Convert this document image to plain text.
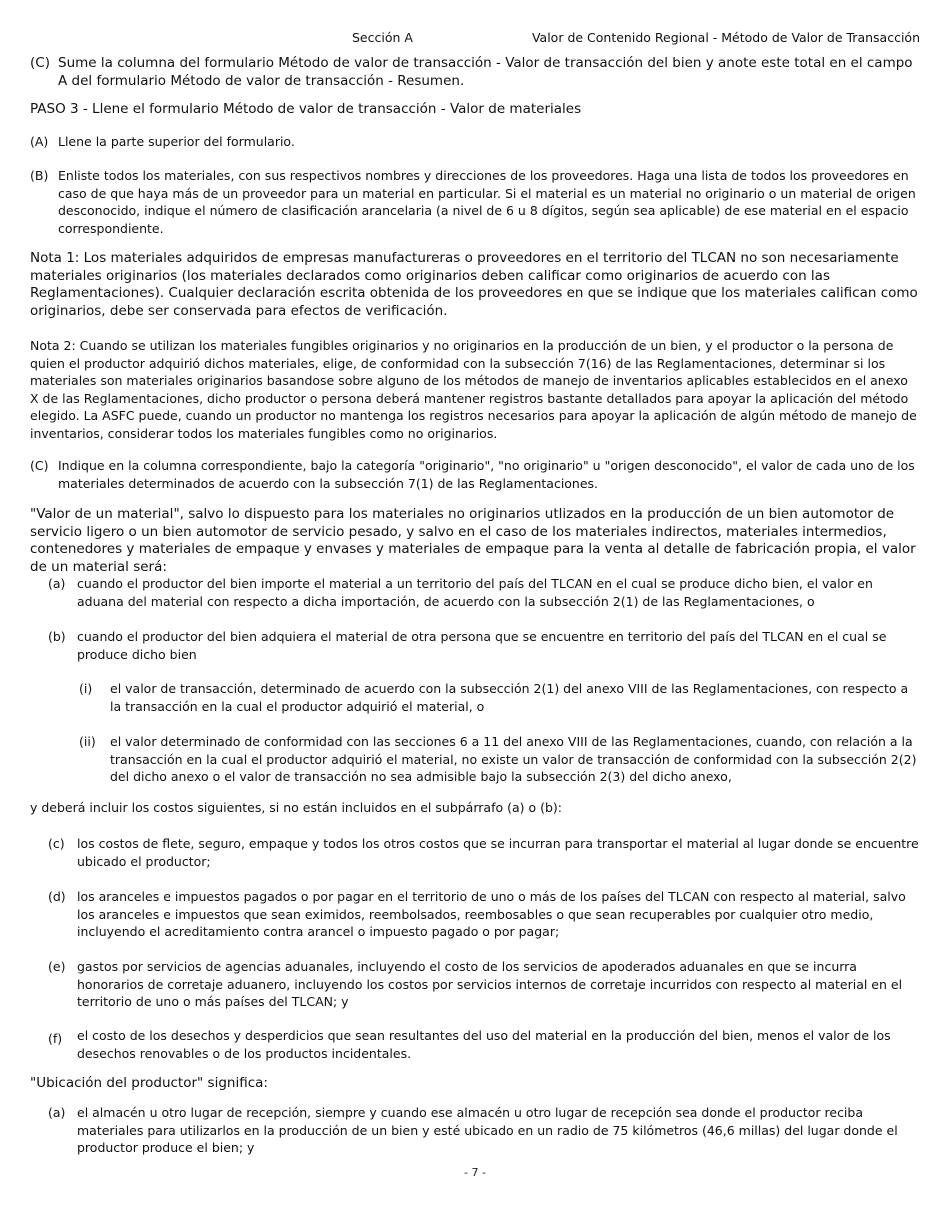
Sección A	Valor de Contenido Regional - Método de Valor de Transacción
(C) Sume la columna del formulario Método de valor de transacción - Valor de transacción del bien y anote este total en el campo A del formulario Método de valor de transacción - Resumen.
PASO 3 - Llene el formulario Método de valor de transacción - Valor de materiales
(A) Llene la parte superior del formulario.
(B) Enliste todos los materiales, con sus respectivos nombres y direcciones de los proveedores. Haga una lista de todos los proveedores en caso de que haya más de un proveedor para un material en particular. Si el material es un material no originario o un material de origen desconocido, indique el número de clasificación arancelaria (a nivel de 6 u 8 dígitos, según sea aplicable) de ese material en el espacio correspondiente.
Nota 1: Los materiales adquiridos de empresas manufactureras o proveedores en el territorio del TLCAN no son necesariamente materiales originarios (los materiales declarados como originarios deben calificar como originarios de acuerdo con las Reglamentaciones). Cualquier declaración escrita obtenida de los proveedores en que se indique que los materiales califican como originarios, debe ser conservada para efectos de verificación.
Nota 2: Cuando se utilizan los materiales fungibles originarios y no originarios en la producción de un bien, y el productor o la persona de quien el productor adquirió dichos materiales, elige, de conformidad con la subsección 7(16) de las Reglamentaciones, determinar si los materiales son materiales originarios basandose sobre alguno de los métodos de manejo de inventarios aplicables establecidos en el anexo X de las Reglamentaciones, dicho productor o persona deberá mantener registros bastante detallados para apoyar la aplicación del método elegido. La ASFC puede, cuando un productor no mantenga los registros necesarios para apoyar la aplicación de algún método de manejo de inventarios, considerar todos los materiales fungibles como no originarios.
(C) Indique en la columna correspondiente, bajo la categoría "originario", "no originario" u "origen desconocido", el valor de cada uno de los materiales determinados de acuerdo con la subsección 7(1) de las Reglamentaciones.
"Valor de un material", salvo lo dispuesto para los materiales no originarios utlizados en la producción de un bien automotor de servicio ligero o un bien automotor de servicio pesado, y salvo en el caso de los materiales indirectos, materiales intermedios, contenedores y materiales de empaque y envases y materiales de empaque para la venta al detalle de fabricación propia, el valor de un material será:
(a) cuando el productor del bien importe el material a un territorio del país del TLCAN en el cual se produce dicho bien, el valor en aduana del material con respecto a dicha importación, de acuerdo con la subsección 2(1) de las Reglamentaciones, o
(b) cuando el productor del bien adquiera el material de otra persona que se encuentre en territorio del país del TLCAN en el cual se produce dicho bien
(i) el valor de transacción, determinado de acuerdo con la subsección 2(1) del anexo VIII de las Reglamentaciones, con respecto a la transacción en la cual el productor adquirió el material, o
(ii) el valor determinado de conformidad con las secciones 6 a 11 del anexo VIII de las Reglamentaciones, cuando, con relación a la transacción en la cual el productor adquirió el material, no existe un valor de transacción de conformidad con la subsección 2(2) del dicho anexo o el valor de transacción no sea admisible bajo la subsección 2(3) del dicho anexo,
y deberá incluir los costos siguientes, si no están incluidos en el subpárrafo (a) o (b):
(c) los costos de flete, seguro, empaque y todos los otros costos que se incurran para transportar el material al lugar donde se encuentre ubicado el productor;
(d) los aranceles e impuestos pagados o por pagar en el territorio de uno o más de los países del TLCAN con respecto al material, salvo los aranceles e impuestos que sean eximidos, reembolsados, reembosables o que sean recuperables por cualquier otro medio, incluyendo el acreditamiento contra arancel o impuesto pagado o por pagar;
(e) gastos por servicios de agencias aduanales, incluyendo el costo de los servicios de apoderados aduanales en que se incurra honorarios de corretaje aduanero, incluyendo los costos por servicios internos de corretaje incurridos con respecto al material en el territorio de uno o más países del TLCAN; y
(f) el costo de los desechos y desperdicios que sean resultantes del uso del material en la producción del bien, menos el valor de los desechos renovables o de los productos incidentales.
"Ubicación del productor" significa:
(a) el almacén u otro lugar de recepción, siempre y cuando ese almacén u otro lugar de recepción sea donde el productor reciba materiales para utilizarlos en la producción de un bien y esté ubicado en un radio de 75 kilómetros (46,6 millas) del lugar donde el productor produce el bien; y
- 7 -
